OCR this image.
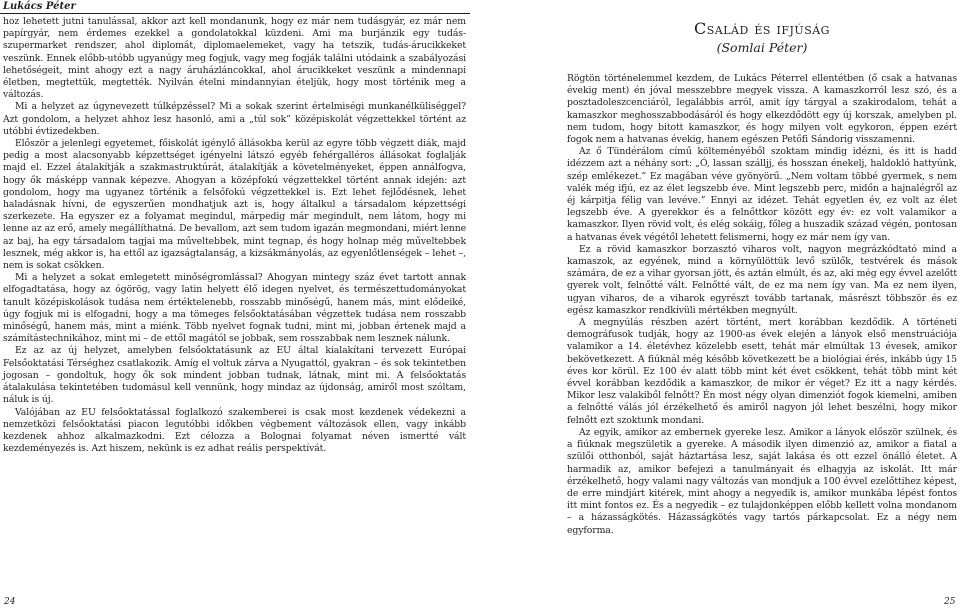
Lukács Péter

hoz lehetett jutni tanulással, akkor azt kell mondanunk, hogy ez már nem tudásgyár, ez már nem papírgyár, nem érdemes ezekkel a gondolatokkal küzdeni. Ami ma burjánzik egy tudás-szupermarket rendszer, ahol diplomát, diplomaelemeket, vagy ha tetszik, tudás-árucikkeket veszünk. Ennek előbb-utóbb ugyanúgy meg fogjuk, vagy meg fogják találni utódaink a szabályozási lehetőségeit, mint ahogy ezt a nagy áruházláncokkal, ahol árucikkeket veszünk a mindennapi életben, megtettük, megtették. Nyilván ételni mindannyian ételjük, hogy most történik meg a változás.

Mi a helyzet az úgynevezett túlképzéssel? Mi a sokak szerint értelmiségi munkanélküliséggel? Azt gondolom, a helyzet ahhoz lesz hasonló, ami a „túl sok” középiskolát végzettekkel történt az utóbbi évtizedekben.

Először a jelenlegi egyetemet, főiskolát igénylő állásokba kerül az egyre több végzett diák, majd pedig a most alacsonyabb képzettséget igényelni látszó egyéb fehérgalléros állásokat foglalják majd el. Ezzel átalakítják a szakmastruktúrát, átalakítják a követelményeket, éppen annálfogva, hogy ők másképp vannak képezve. Ahogyan a középfokú végzettekkel történt annak idején: azt gondolom, hogy ma ugyanez történik a felsőfokú végzettekkel is. Ezt lehet fejlődésnek, lehet haladásnak hívni, de egyszerűen mondhatjuk azt is, hogy általkul a társadalom képzettségi szerkezete. Ha egyszer ez a folyamat megindul, márpedig már megindult, nem látom, hogy mi lenne az az erő, amely megállíthatná. De bevallom, azt sem tudom igazán megmondani, miért lenne az baj, ha egy társadalom tagjai ma műveltebbek, mint tegnap, és hogy holnap még műveltebbek lesznek, még akkor is, ha ettől az igazságtalanság, a kizsákmányolás, az egyenlőtlenségek – lehet –, nem is sokat csökken.

Mi a helyzet a sokat emlegetett minőségromlással? Ahogyan mintegy száz évet tartott annak elfogadtatása, hogy az ógörög, vagy latin helyett élő idegen nyelvet, és természettudományokat tanult középiskolások tudása nem értéktelenebb, rosszabb minőségű, hanem más, mint elődeiké, úgy fogjuk mi is elfogadni, hogy a ma tömeges felsőoktatásában végzettek tudása nem rosszabb minőségű, hanem más, mint a miénk. Több nyelvet fognak tudni, mint mi, jobban értenek majd a számítástechnikához, mint mi – de ettől magától se jobbak, sem rosszabbak nem lesznek nálunk.

Ez az az új helyzet, amelyben felsőoktatásunk az EU által kialakítani tervezett Európai Felsőoktatási Térséghez csatlakozik. Amíg el voltuk zárva a Nyugattól, gyakran – és sok tekintetben jogosan – gondoltuk, hogy ők sok mindent jobban tudnak, látnak, mint mi. A felsőoktatás átalakulása tekintetében tudomásul kell vennünk, hogy mindaz az újdonság, amiről most szóltam, náluk is új.

Valójában az EU felsőoktatással foglalkozó szakemberei is csak most kezdenek védekezni a nemzetközi felsőoktatási piacon legutóbbi időkben végbement változások ellen, vagy inkább kezdenek ahhoz alkalmazkodni. Ezt célozza a Bolognai folyamat néven ismertté vált kezdeményezés is. Azt hiszem, nekünk is ez adhat reális perspektívát.

24
Család és ifjúság
(Somlai Péter)

Rögtön történelemmel kezdem, de Lukács Péterrel ellentétben (ő csak a hatvanas évekig ment) én jóval messzebbre megyek vissza. A kamaszkorról lesz szó, és a posztadoleszcenciáról, legalábbis arról, amit így tárgyal a szakirodalom, tehát a kamaszkor meghosszabbodásáról és hogy elkezdődött egy új korszak, amelyben pl. nem tudom, hogy bitott kamaszkor, és hogy milyen volt egykoron, éppen ezért fogok nem a hatvanas évekig, hanem egészen Petőfi Sándorig visszamenni.

Az ő Tündérálom című költeményéből szoktam mindig idézni, és itt is hadd idézzem azt a néhány sort: „Ó, lassan szálljj, és hosszan énekelj, haldokló hattyúnk, szép emlékezet.” Ez magában véve gyönyörű. „Nem voltam többé gyermek, s nem valék még ifjú, ez az élet legszebb éve. Mint legszebb perc, midőn a hajnalégről az éj kárpitja félig van levéve.” Ennyi az idézet. Tehát egyetlen év, ez volt az élet legszebb éve. A gyerekkor és a felnőttkor között egy év: ez volt valamikor a kamaszkor. Ilyen rövid volt, és elég sokáig, főleg a huszadik század végén, pontosan a hatvanas évek végétől lehetett felismerni, hogy ez már nem így van.

Ez a rövid kamaszkor borzasztó viharos volt, nagyon megrázkódtató mind a kamaszok, az egyének, mind a környülöttük levő szülők, testvérek és mások számára, de ez a vihar gyorsan jött, és aztán elmúlt, és az, aki még egy évvel azelőtt gyerek volt, felnőtté vált. Felnőtté vált, de ez ma nem így van. Ma ez nem ilyen, ugyan viharos, de a viharok egyrészt tovább tartanak, másrészt többször és ez egész kamaszkor rendkívüli mértékben megnyúlt.

A megnyúlás részben azért történt, mert korábban kezdődik. A történeti demográfusok tudják, hogy az 1900-as évek elején a lányok első menstruációja valamikor a 14. életévhez közelebb esett, tehát már elmúltak 13 évesek, amikor bekövetkezett. A fiúknál még később következett be a biológiai érés, inkább úgy 15 éves kor körül. Ez 100 év alatt több mint két évet csökkent, tehát több mint két évvel korábban kezdődik a kamaszkor, de mikor ér véget? Ez itt a nagy kérdés. Mikor lesz valakiből felnőtt? Én most négy olyan dimenziót fogok kiemelni, amiben a felnőtté válás jól érzékelhető és amiről nagyon jól lehet beszélni, hogy mikor felnőtt ezt szoktunk mondani.

Az egyik, amikor az embernek gyereke lesz. Amikor a lányok először szülnek, és a fiúknak megszületik a gyereke. A második ilyen dimenzió az, amikor a fiatal a szülői otthonból, saját háztartása lesz, saját lakása és ott ezzel önálló életet. A harmadik az, amikor befejezi a tanulmányait és elhagyja az iskolát. Itt már érzékelhető, hogy valami nagy változás van mondjuk a 100 évvel ezelőttihez képest, de erre mindjárt kitérek, mint ahogy a negyedik is, amikor munkába lépést fontos itt mint fontos ez. És a negyedik – ez tulajdonképpen előbb kellett volna mondanom – a házasságkötés. Házasságkötés vagy tartós párkapcsolat. Ez a négy nem egyforma.

25
